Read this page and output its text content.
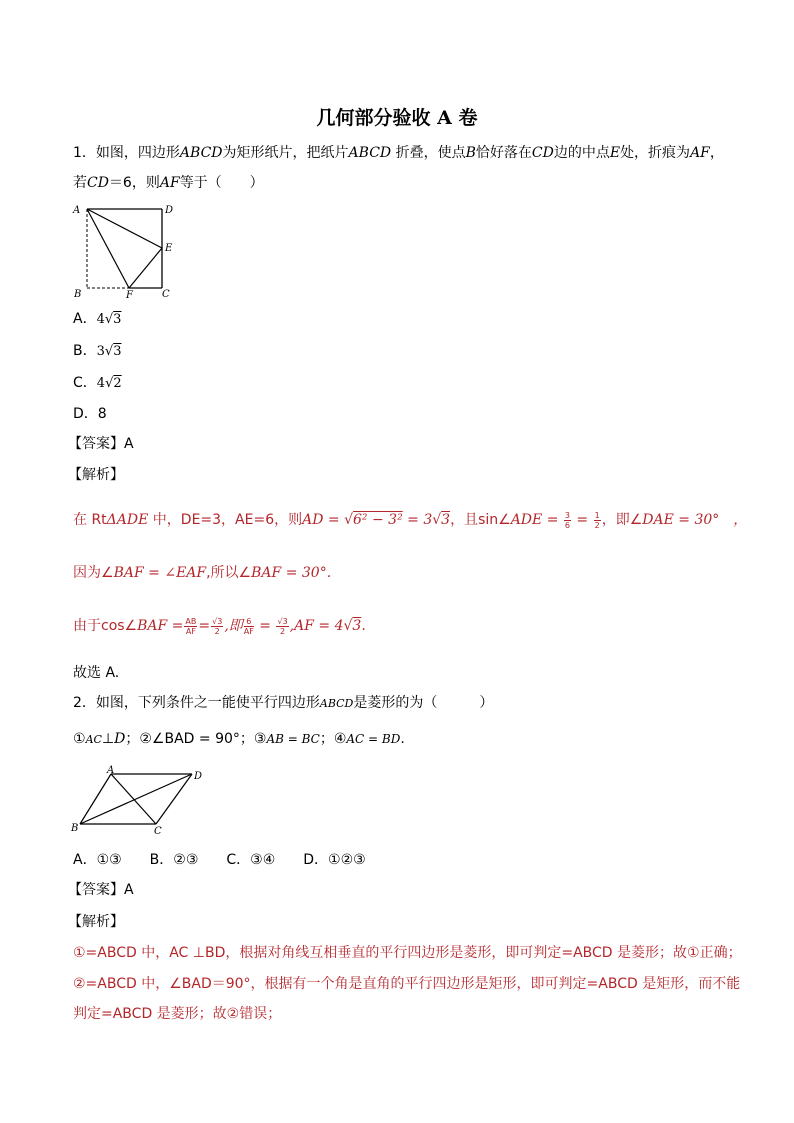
几何部分验收 A 卷
1．如图，四边形ABCD为矩形纸片，把纸片ABCD 折叠，使点B恰好落在CD边的中点E处，折痕为AF，
若CD＝6，则AF等于（　　）
A	D
E
B	F	C
A．4√3
B．3√3
C．4√2
D．8
【答案】A
【解析】
在 RtΔADE 中，DE=3，AE=6，则AD = √6² − 3² = 3√3，且sin∠ADE = $\frac{3}{6} = \frac{1}{2}$ ，即∠DAE = 30°　，
因为∠BAF = ∠EAF,所以∠BAF = 30°.
由于cos∠BAF = $\frac{AB}{AF} = \frac{√3}{2}$ ,即 $\frac{6}{AF} = \frac{√3}{2} ,AF = 4√3$.
故选 A.
2．如图，下列条件之一能使平行四边形ABCD是菱形的为（　　　）
①AC⊥D；②∠BAD = 90°；③AB = BC；④AC = BD.
A
D
B	C
A．①③　　B．②③　　C．③④　　D．①②③
【答案】A
【解析】
①=ABCD 中，AC ⊥BD，根据对角线互相垂直的平行四边形是菱形，即可判定=ABCD 是菱形；故①正确；
②=ABCD 中，∠BAD＝90°，根据有一个角是直角的平行四边形是矩形，即可判定=ABCD 是矩形，而不能
判定=ABCD 是菱形；故②错误；
